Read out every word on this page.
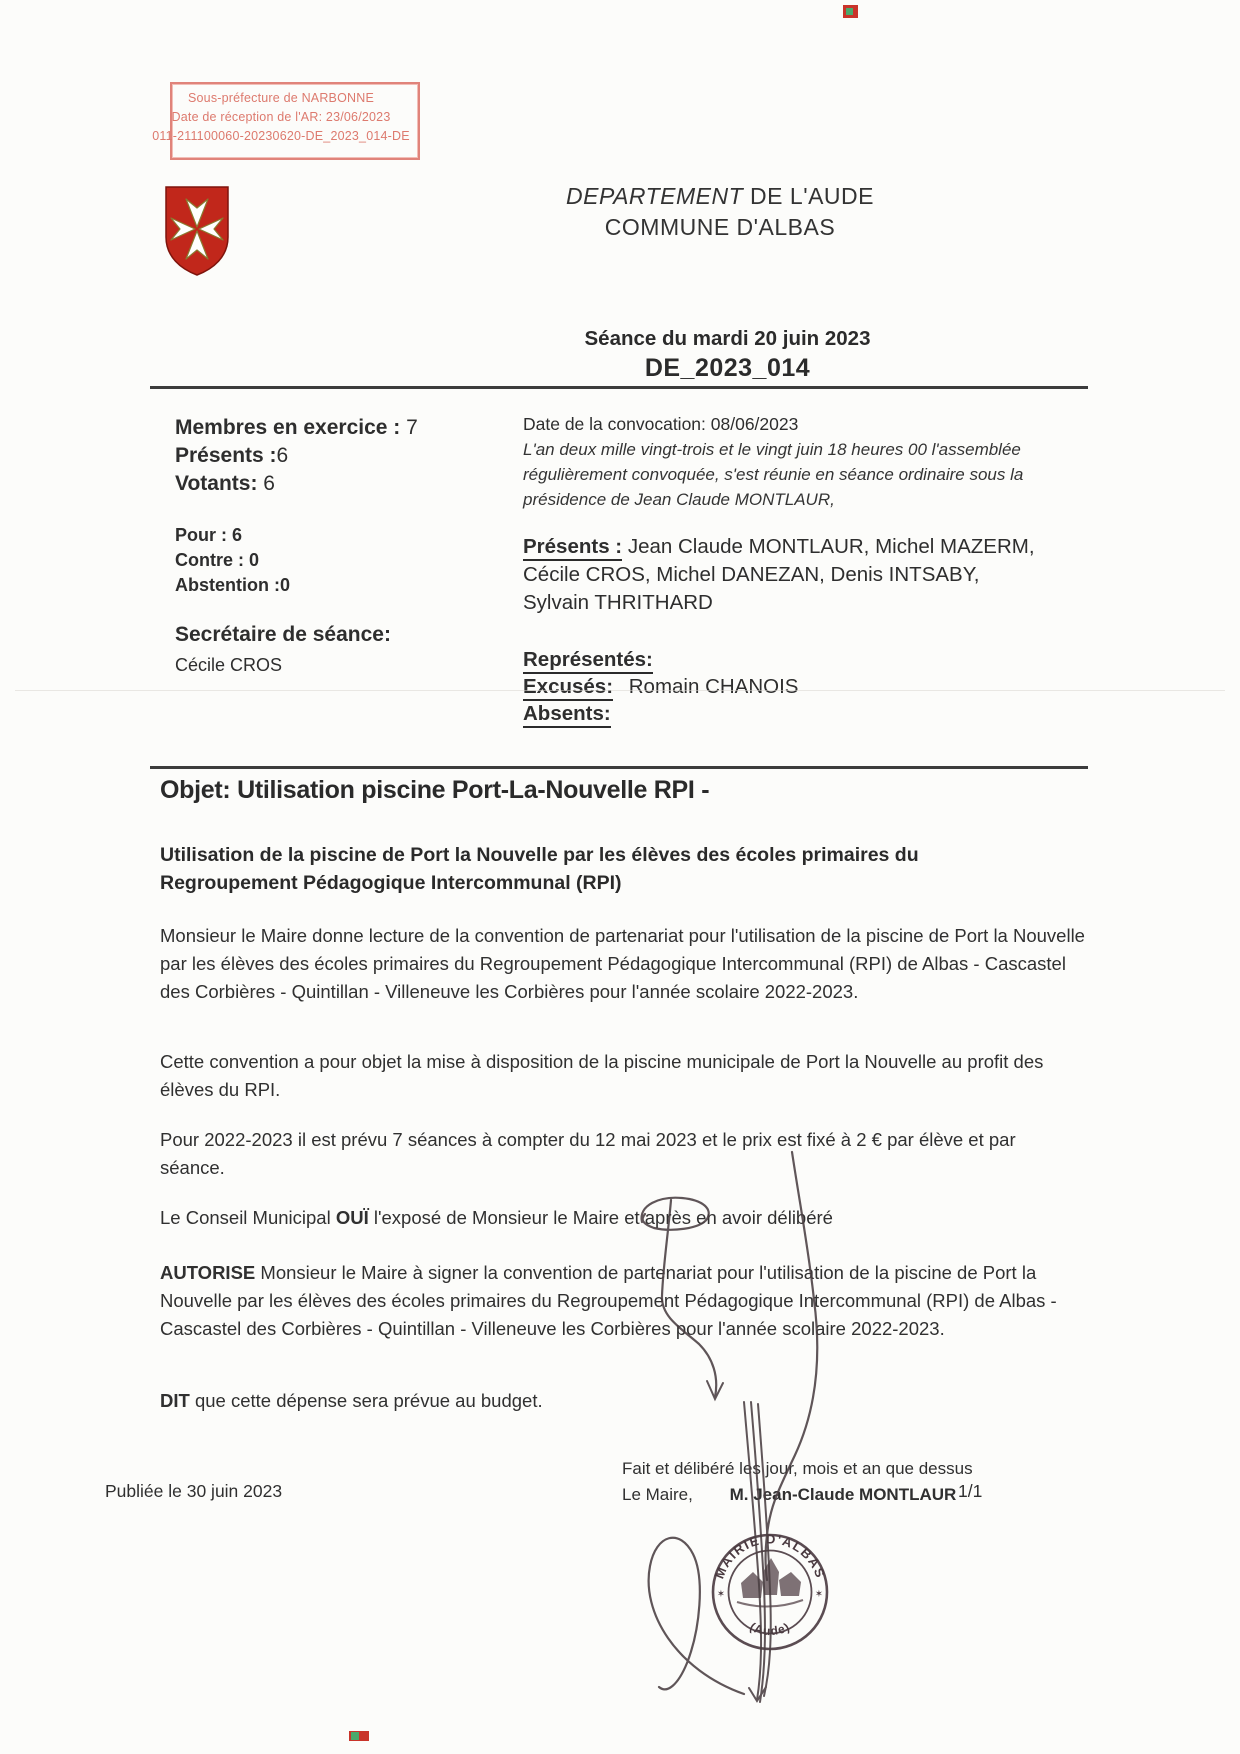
Sous-préfecture de NARBONNE
Date de réception de l'AR: 23/06/2023
011-211100060-20230620-DE_2023_014-DE
DEPARTEMENT DE L'AUDE
COMMUNE D'ALBAS
Séance du mardi 20 juin 2023
DE_2023_014
Membres en exercice : 7
Présents :6
Votants: 6
Pour : 6
Contre : 0
Abstention :0
Secrétaire de séance:
Cécile CROS
Date de la convocation: 08/06/2023
L'an deux mille vingt-trois et le vingt juin 18 heures 00 l'assemblée régulièrement convoquée, s'est réunie en séance ordinaire sous la présidence de Jean Claude MONTLAUR,
Présents : Jean Claude MONTLAUR, Michel MAZERM, Cécile CROS, Michel DANEZAN, Denis INTSABY, Sylvain THRITHARD
Représentés:
Excusés: Romain CHANOIS
Absents:
Objet: Utilisation piscine Port-La-Nouvelle RPI -
Utilisation de la piscine de Port la Nouvelle par les élèves des écoles primaires du Regroupement Pédagogique Intercommunal (RPI)
Monsieur le Maire donne lecture de la convention de partenariat pour l'utilisation de la piscine de Port la Nouvelle par les élèves des écoles primaires du Regroupement Pédagogique Intercommunal (RPI) de Albas - Cascastel des Corbières - Quintillan - Villeneuve les Corbières pour l'année scolaire 2022-2023.
Cette convention a pour objet la mise à disposition de la piscine municipale de Port la Nouvelle au profit des élèves du RPI.
Pour 2022-2023 il est prévu 7 séances à compter du 12 mai 2023 et le prix est fixé à 2 € par élève et par séance.
Le Conseil Municipal OUÏ l'exposé de Monsieur le Maire et après en avoir délibéré
AUTORISE Monsieur le Maire à signer la convention de partenariat pour l'utilisation de la piscine de Port la Nouvelle par les élèves des écoles primaires du Regroupement Pédagogique Intercommunal (RPI) de Albas - Cascastel des Corbières - Quintillan - Villeneuve les Corbières pour l'année scolaire 2022-2023.
DIT que cette dépense sera prévue au budget.
Fait et délibéré les jour, mois et an que dessus
Le Maire, M. Jean-Claude MONTLAUR
MAIRIE D'ALBAS
(Aude)
✶	✶
Publiée le 30 juin 2023	1/1
